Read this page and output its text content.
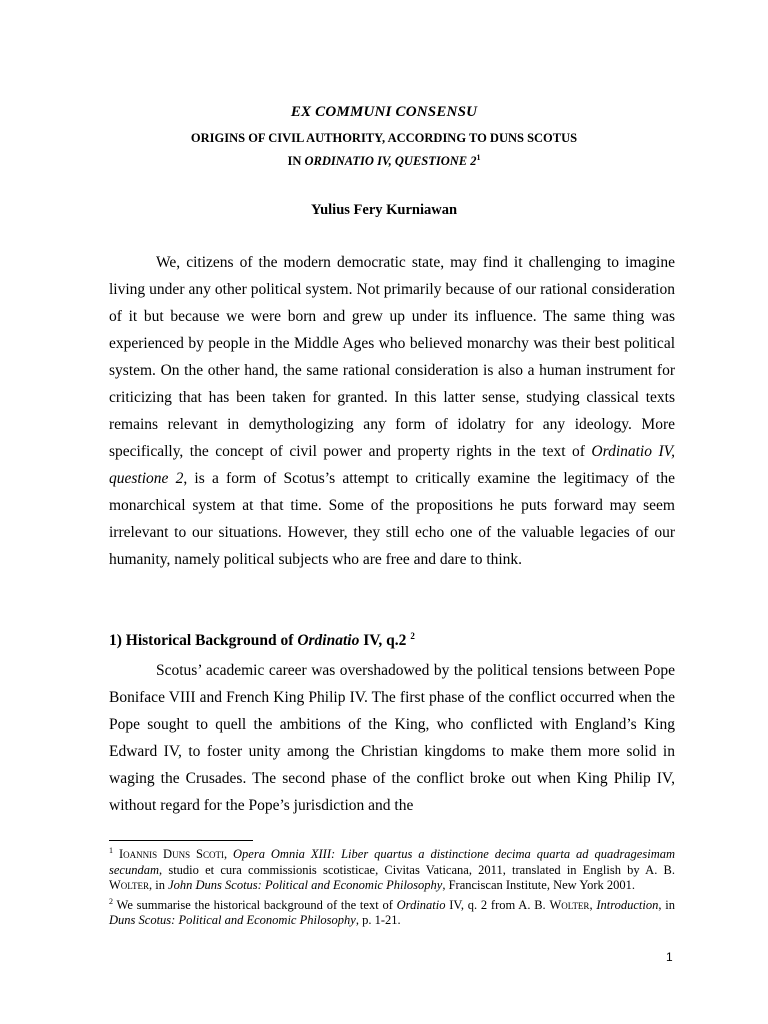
EX COMMUNI CONSENSU
ORIGINS OF CIVIL AUTHORITY, ACCORDING TO DUNS SCOTUS
IN ORDINATIO IV, QUESTIONE $2^1$
Yulius Fery Kurniawan

We, citizens of the modern democratic state, may find it challenging to imagine living under any other political system. Not primarily because of our rational consideration of it but because we were born and grew up under its influence. The same thing was experienced by people in the Middle Ages who believed monarchy was their best political system. On the other hand, the same rational consideration is also a human instrument for criticizing that has been taken for granted. In this latter sense, studying classical texts remains relevant in demythologizing any form of idolatry for any ideology. More specifically, the concept of civil power and property rights in the text of Ordinatio IV, questione 2, is a form of Scotus’s attempt to critically examine the legitimacy of the monarchical system at that time. Some of the propositions he puts forward may seem irrelevant to our situations. However, they still echo one of the valuable legacies of our humanity, namely political subjects who are free and dare to think.

1) Historical Background of Ordinatio IV, q.2 $^2$

Scotus’ academic career was overshadowed by the political tensions between Pope Boniface VIII and French King Philip IV. The first phase of the conflict occurred when the Pope sought to quell the ambitions of the King, who conflicted with England’s King Edward IV, to foster unity among the Christian kingdoms to make them more solid in waging the Crusades. The second phase of the conflict broke out when King Philip IV, without regard for the Pope’s jurisdiction and the

$^1$ Ioannis Duns Scoti, Opera Omnia XIII: Liber quartus a distinctione decima quarta ad quadragesimam secundam, studio et cura commissionis scotisticae, Civitas Vaticana, 2011, translated in English by A. B. Wolter, in John Duns Scotus: Political and Economic Philosophy, Franciscan Institute, New York 2001.

$^2$ We summarise the historical background of the text of Ordinatio IV, q. 2 from A. B. Wolter, Introduction, in Duns Scotus: Political and Economic Philosophy, p. 1-21.

1
